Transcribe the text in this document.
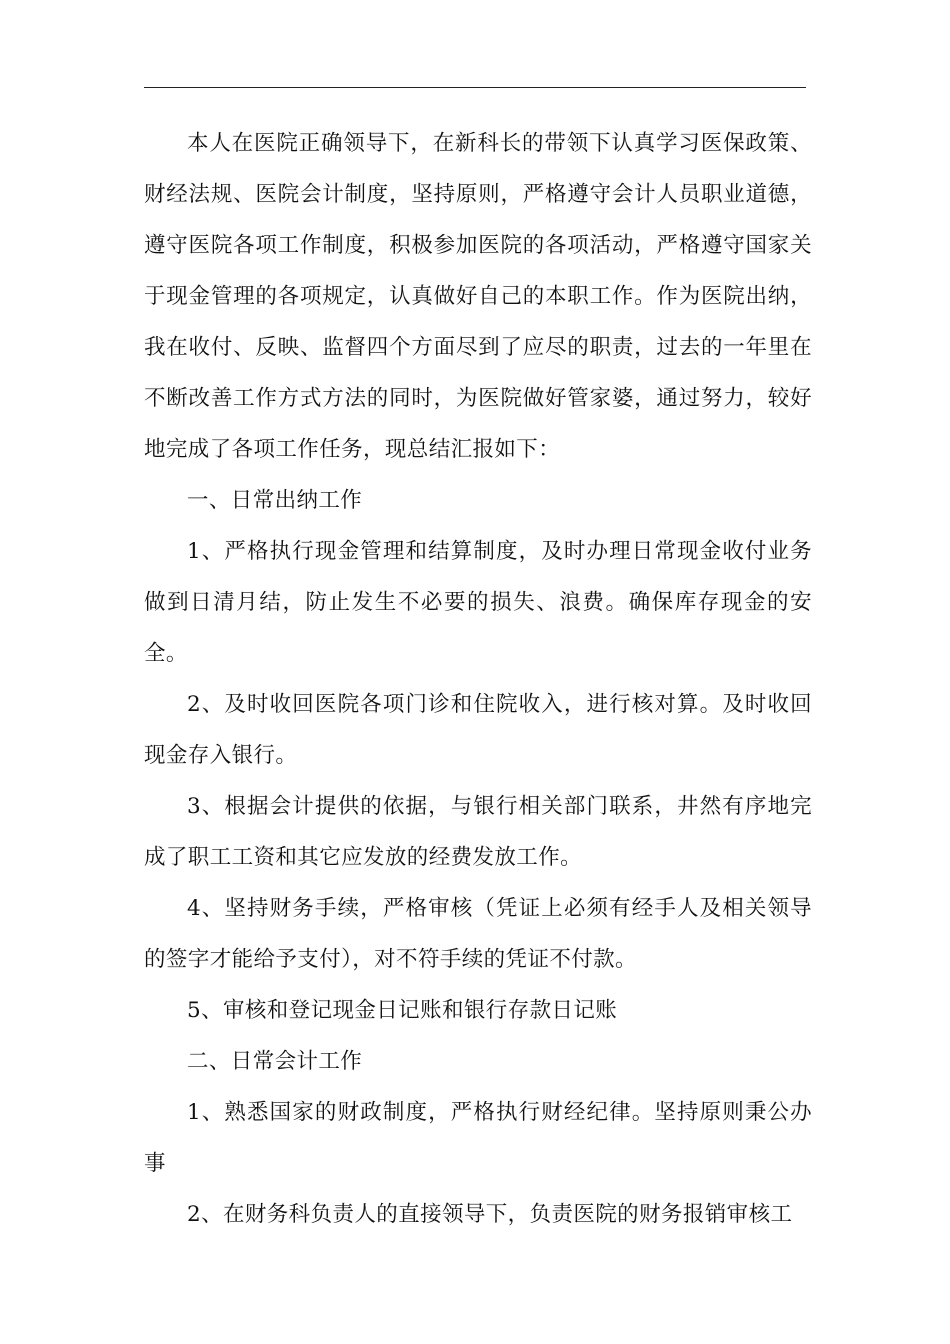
本人在医院正确领导下，在新科长的带领下认真学习医保政策、财经法规、医院会计制度，坚持原则，严格遵守会计人员职业道德，遵守医院各项工作制度，积极参加医院的各项活动，严格遵守国家关于现金管理的各项规定，认真做好自己的本职工作。作为医院出纳，我在收付、反映、监督四个方面尽到了应尽的职责，过去的一年里在不断改善工作方式方法的同时，为医院做好管家婆，通过努力，较好地完成了各项工作任务，现总结汇报如下：

一、日常出纳工作

1、严格执行现金管理和结算制度，及时办理日常现金收付业务做到日清月结，防止发生不必要的损失、浪费。确保库存现金的安全。

2、及时收回医院各项门诊和住院收入，进行核对算。及时收回现金存入银行。

3、根据会计提供的依据，与银行相关部门联系，井然有序地完成了职工工资和其它应发放的经费发放工作。

4、坚持财务手续，严格审核（凭证上必须有经手人及相关领导的签字才能给予支付），对不符手续的凭证不付款。

5、审核和登记现金日记账和银行存款日记账

二、日常会计工作

1、熟悉国家的财政制度，严格执行财经纪律。坚持原则秉公办事

2、在财务科负责人的直接领导下，负责医院的财务报销审核工
